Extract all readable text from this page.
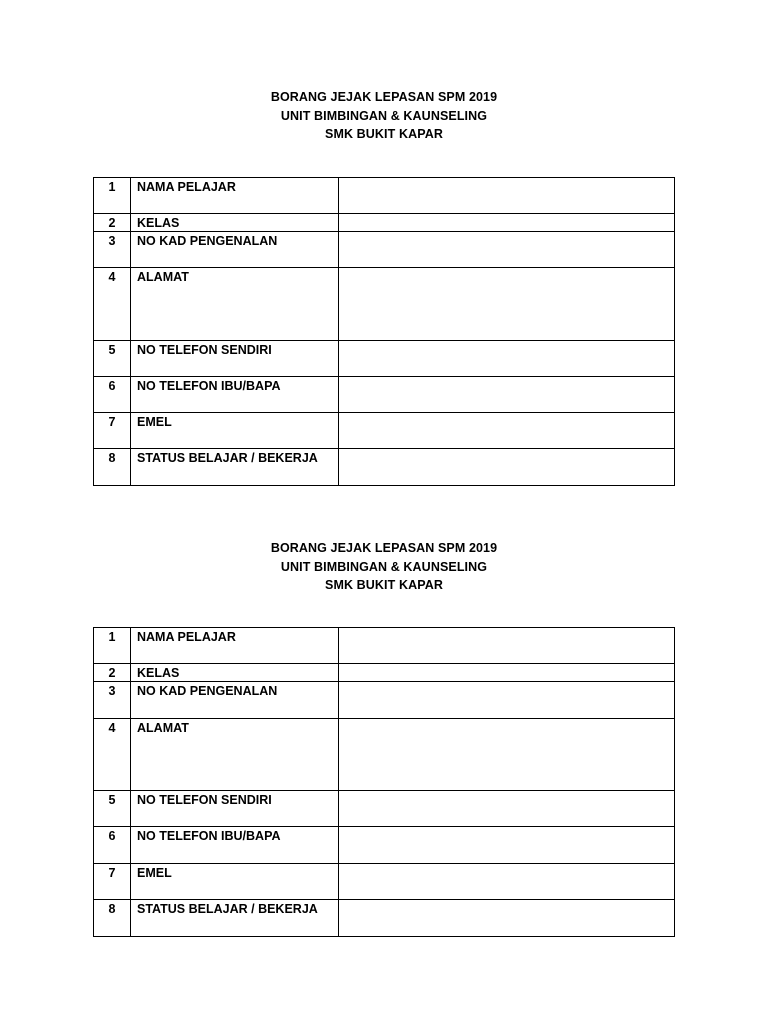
BORANG JEJAK LEPASAN SPM 2019
UNIT BIMBINGAN & KAUNSELING
SMK BUKIT KAPAR
1	NAMA PELAJAR	
2	KELAS	
3	NO KAD PENGENALAN	
4	ALAMAT	
5	NO TELEFON SENDIRI	
6	NO TELEFON IBU/BAPA	
7	EMEL	
8	STATUS BELAJAR / BEKERJA	
BORANG JEJAK LEPASAN SPM 2019
UNIT BIMBINGAN & KAUNSELING
SMK BUKIT KAPAR
1	NAMA PELAJAR	
2	KELAS	
3	NO KAD PENGENALAN	
4	ALAMAT	
5	NO TELEFON SENDIRI	
6	NO TELEFON IBU/BAPA	
7	EMEL	
8	STATUS BELAJAR / BEKERJA	
